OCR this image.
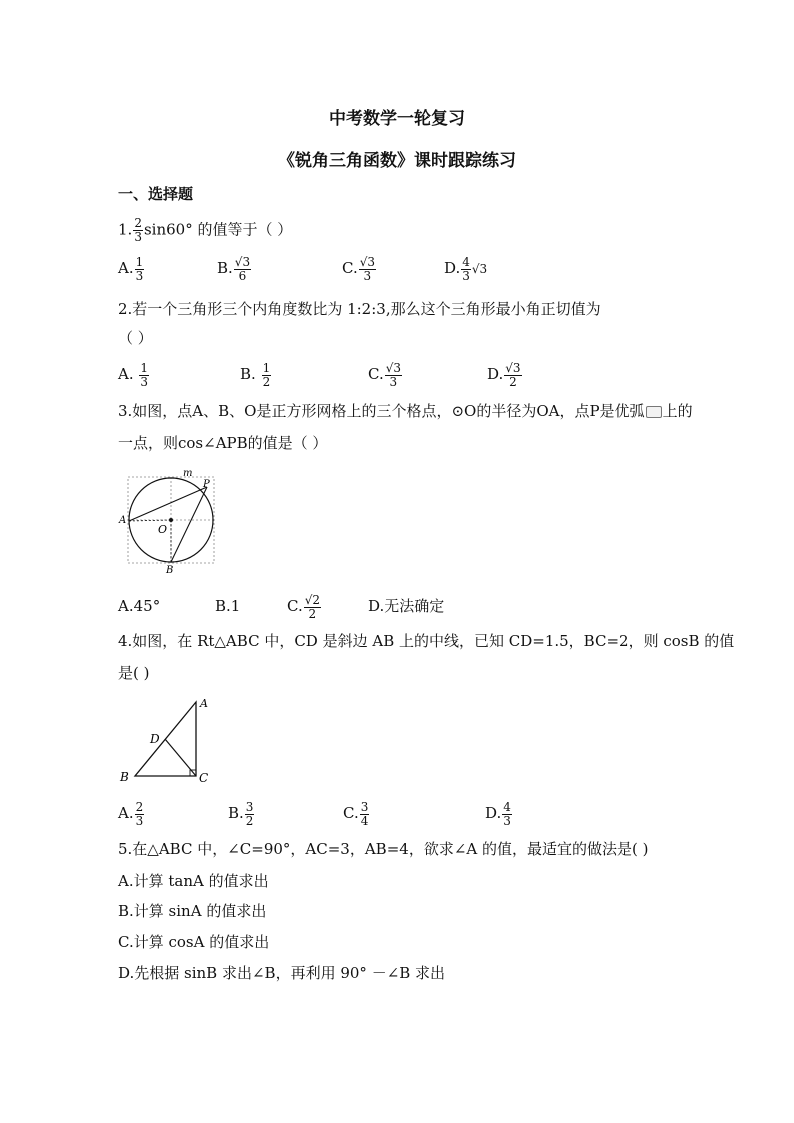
中考数学一轮复习
《锐角三角函数》课时跟踪练习
一、选择题
1. $\frac{2}{3} \sin 60^\circ$ 的值等于（ ）
A. $\frac{1}{3}$	B. $\frac{√3}{6}$	C. $\frac{√3}{3}$	D. $\frac{4}{3} √3$
2.若一个三角形三个内角度数比为 1:2:3,那么这个三角形最小角正切值为
（ ）
A. $\frac{1}{3}$	B. $\frac{1}{2}$	C. $\frac{√3}{3}$	D. $\frac{√3}{2}$
3.如图，点A、B、O是正方形网格上的三个格点，⊙O的半径为OA，点P是优弧 上的
一点，则cos∠APB的值是（ ）
m
P
A
O
B
A.45°	B.1	C. $\frac{√2}{2}$	D.无法确定
4.如图，在 Rt△ABC 中，CD 是斜边 AB 上的中线，已知 CD=1.5，BC=2，则 cosB 的值
是( )
A
D
B	C
A. $\frac{2}{3}$	B. $\frac{3}{2}$	C. $\frac{3}{4}$	D. $\frac{4}{3}$
5.在△ABC 中，∠C=90°，AC=3，AB=4，欲求∠A 的值，最适宜的做法是( )
A.计算 tanA 的值求出
B.计算 sinA 的值求出
C.计算 cosA 的值求出
D.先根据 sinB 求出∠B，再利用 90° －∠B 求出
